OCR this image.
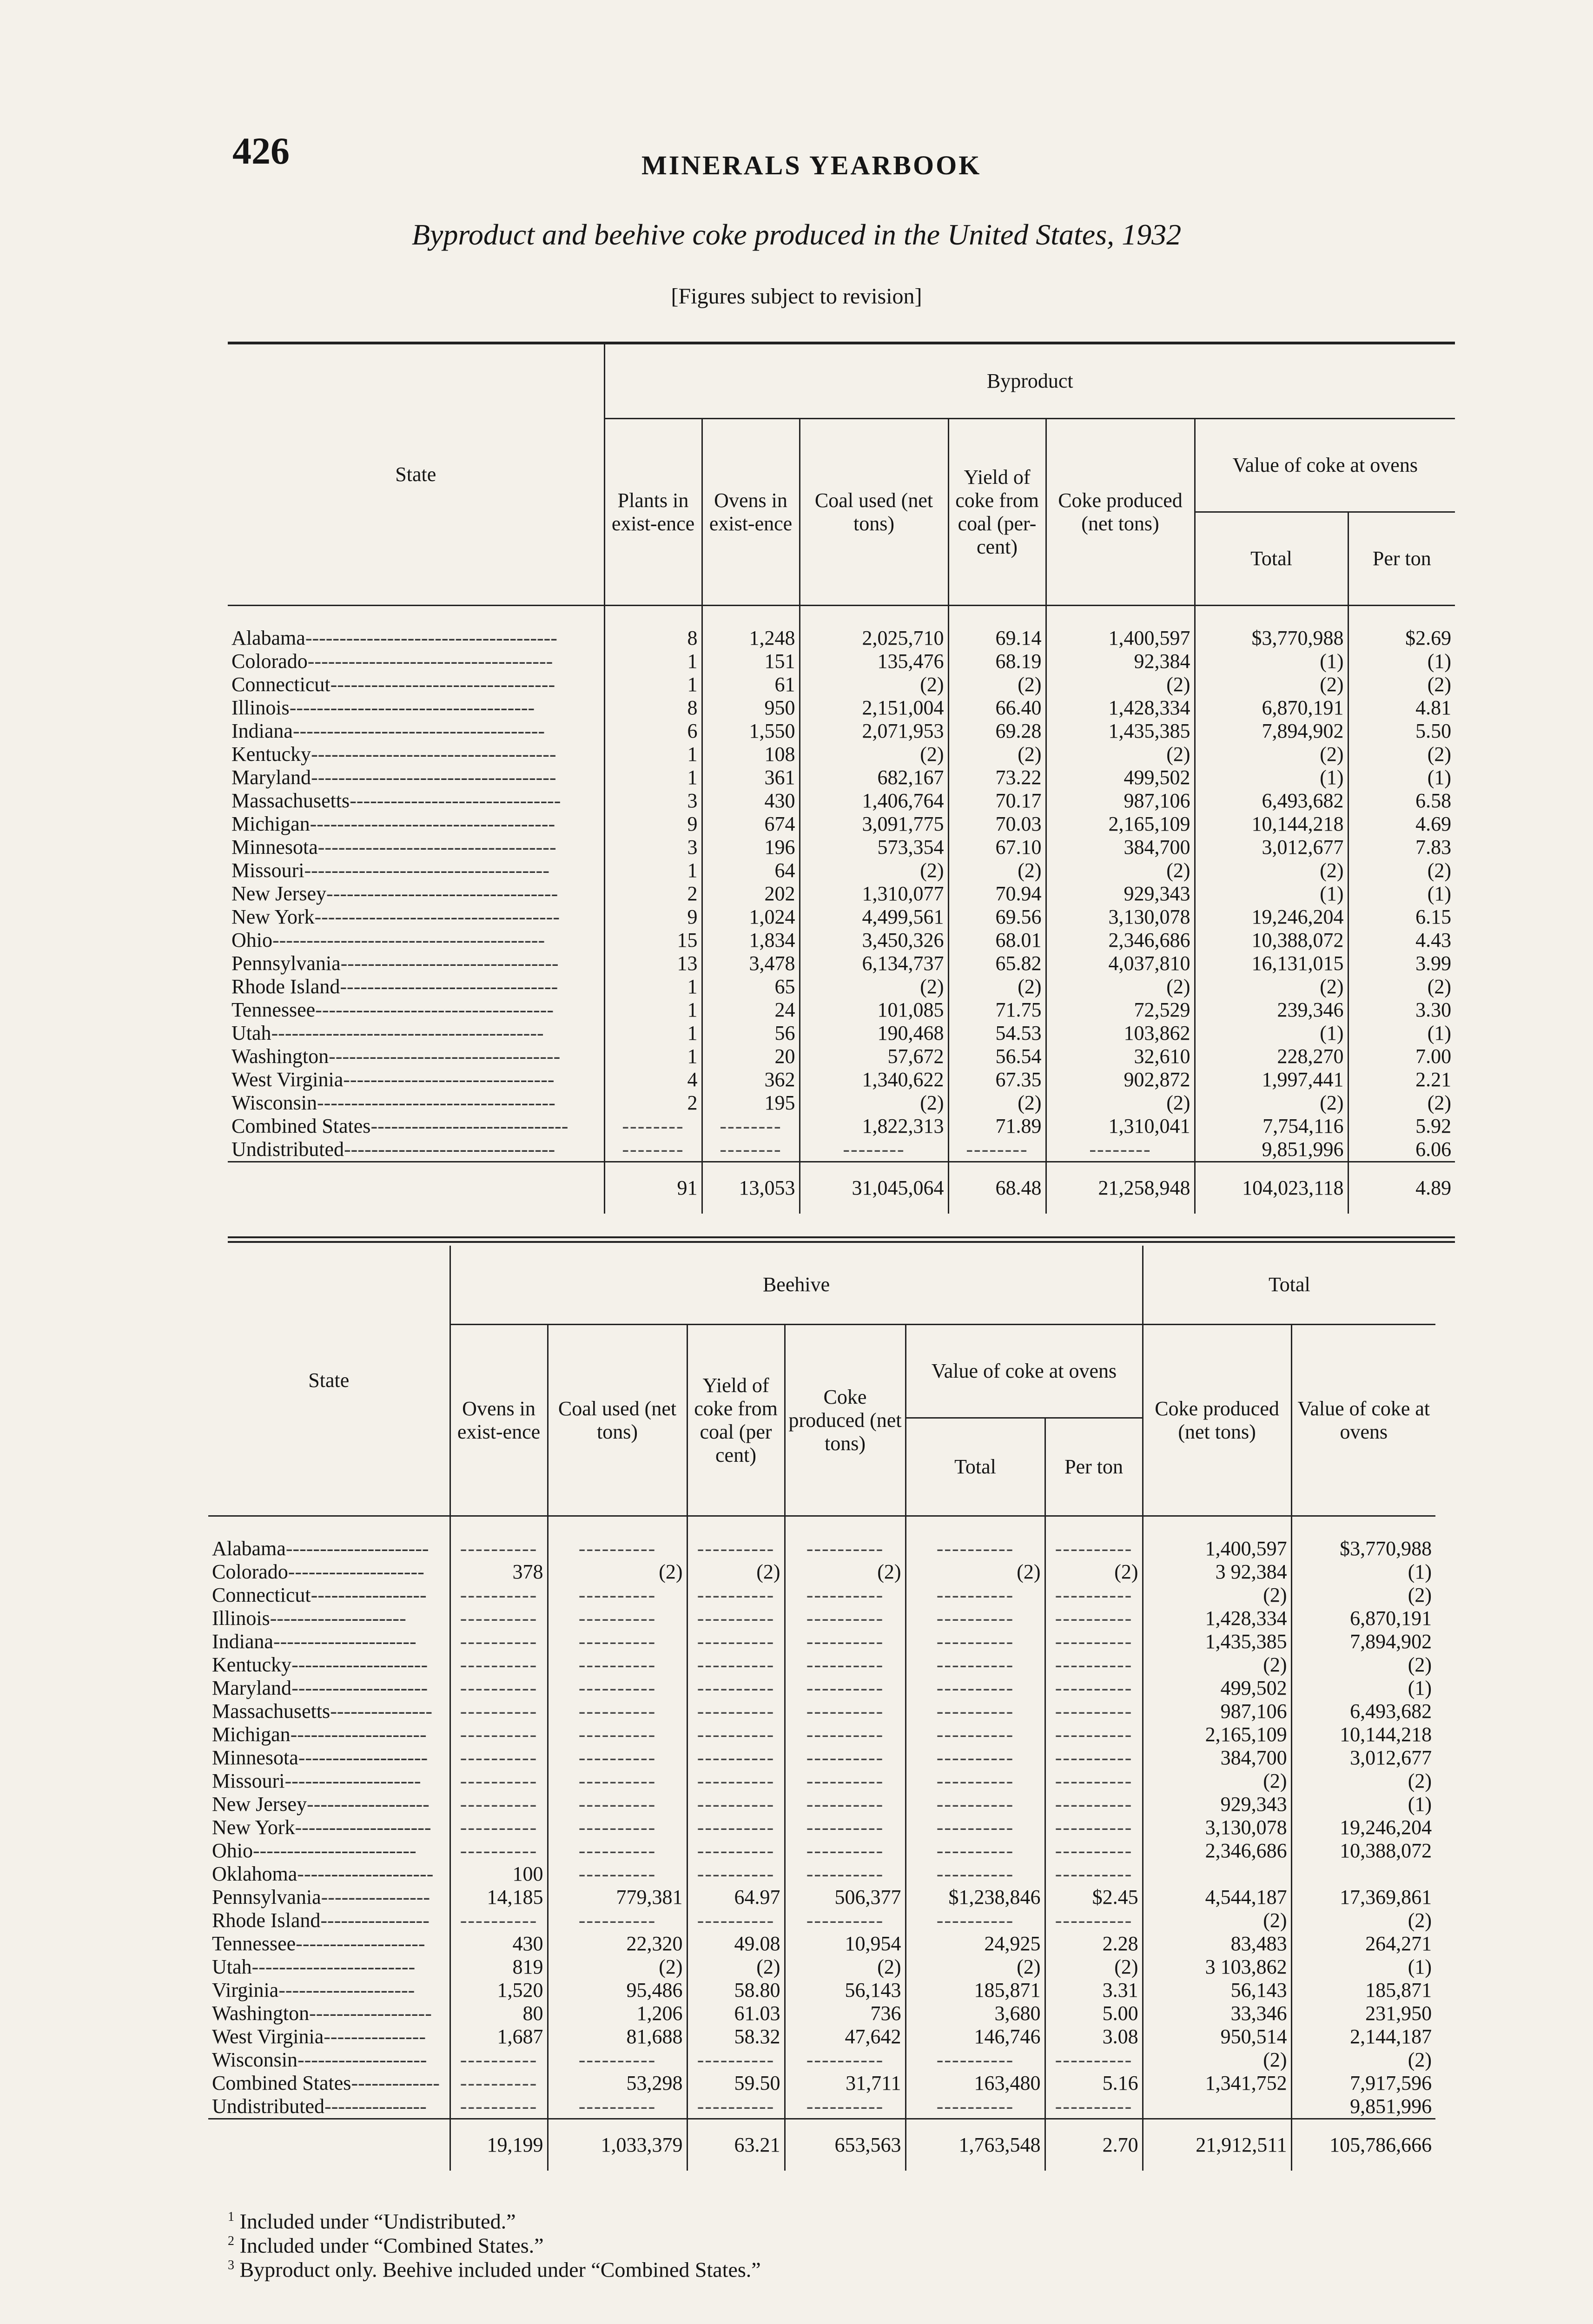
426	MINERALS YEARBOOK
Byproduct and beehive coke produced in the United States, 1932
[Figures subject to revision]
State	Byproduct						
	Plants in exist-ence	Ovens in exist-ence	Coal used (net tons)	Yield of coke from coal (per-cent)	Coke produced (net tons)	Value of coke at ovens	
						Total	Per ton

Alabama-------------------------------------	8	1,248	2,025,710	69.14	1,400,597	$3,770,988	$2.69
Colorado------------------------------------	1	151	135,476	68.19	92,384	(1)	(1)
Connecticut---------------------------------	1	61	(2)	(2)	(2)	(2)	(2)
Illinois------------------------------------	8	950	2,151,004	66.40	1,428,334	6,870,191	4.81
Indiana-------------------------------------	6	1,550	2,071,953	69.28	1,435,385	7,894,902	5.50
Kentucky------------------------------------	1	108	(2)	(2)	(2)	(2)	(2)
Maryland------------------------------------	1	361	682,167	73.22	499,502	(1)	(1)
Massachusetts-------------------------------	3	430	1,406,764	70.17	987,106	6,493,682	6.58
Michigan------------------------------------	9	674	3,091,775	70.03	2,165,109	10,144,218	4.69
Minnesota-----------------------------------	3	196	573,354	67.10	384,700	3,012,677	7.83
Missouri------------------------------------	1	64	(2)	(2)	(2)	(2)	(2)
New Jersey----------------------------------	2	202	1,310,077	70.94	929,343	(1)	(1)
New York------------------------------------	9	1,024	4,499,561	69.56	3,130,078	19,246,204	6.15
Ohio----------------------------------------	15	1,834	3,450,326	68.01	2,346,686	10,388,072	4.43
Pennsylvania--------------------------------	13	3,478	6,134,737	65.82	4,037,810	16,131,015	3.99
Rhode Island--------------------------------	1	65	(2)	(2)	(2)	(2)	(2)
Tennessee-----------------------------------	1	24	101,085	71.75	72,529	239,346	3.30
Utah----------------------------------------	1	56	190,468	54.53	103,862	(1)	(1)
Washington----------------------------------	1	20	57,672	56.54	32,610	228,270	7.00
West Virginia-------------------------------	4	362	1,340,622	67.35	902,872	1,997,441	2.21
Wisconsin-----------------------------------	2	195	(2)	(2)	(2)	(2)	(2)
Combined States-----------------------------	--------	--------	1,822,313	71.89	1,310,041	7,754,116	5.92
Undistributed-------------------------------	--------	--------	--------	--------	--------	9,851,996	6.06
	91	13,053	31,045,064	68.48	21,258,948	104,023,118	4.89
State	Beehive						Total	
	Ovens in exist-ence	Coal used (net tons)	Yield of coke from coal (per cent)	Coke produced (net tons)	Value of coke at ovens		Coke produced (net tons)	Value of coke at ovens
					Total	Per ton		

Alabama---------------------	----------	----------	----------	----------	----------	----------	1,400,597	$3,770,988
Colorado--------------------	378	(2)	(2)	(2)	(2)	(2)	3 92,384	(1)
Connecticut-----------------	----------	----------	----------	----------	----------	----------	(2)	(2)
Illinois--------------------	----------	----------	----------	----------	----------	----------	1,428,334	6,870,191
Indiana---------------------	----------	----------	----------	----------	----------	----------	1,435,385	7,894,902
Kentucky--------------------	----------	----------	----------	----------	----------	----------	(2)	(2)
Maryland--------------------	----------	----------	----------	----------	----------	----------	499,502	(1)
Massachusetts---------------	----------	----------	----------	----------	----------	----------	987,106	6,493,682
Michigan--------------------	----------	----------	----------	----------	----------	----------	2,165,109	10,144,218
Minnesota-------------------	----------	----------	----------	----------	----------	----------	384,700	3,012,677
Missouri--------------------	----------	----------	----------	----------	----------	----------	(2)	(2)
New Jersey------------------	----------	----------	----------	----------	----------	----------	929,343	(1)
New York--------------------	----------	----------	----------	----------	----------	----------	3,130,078	19,246,204
Ohio------------------------	----------	----------	----------	----------	----------	----------	2,346,686	10,388,072
Oklahoma--------------------	100	----------	----------	----------	----------	----------		
Pennsylvania----------------	14,185	779,381	64.97	506,377	$1,238,846	$2.45	4,544,187	17,369,861
Rhode Island----------------	----------	----------	----------	----------	----------	----------	(2)	(2)
Tennessee-------------------	430	22,320	49.08	10,954	24,925	2.28	83,483	264,271
Utah------------------------	819	(2)	(2)	(2)	(2)	(2)	3 103,862	(1)
Virginia--------------------	1,520	95,486	58.80	56,143	185,871	3.31	56,143	185,871
Washington------------------	80	1,206	61.03	736	3,680	5.00	33,346	231,950
West Virginia---------------	1,687	81,688	58.32	47,642	146,746	3.08	950,514	2,144,187
Wisconsin-------------------	----------	----------	----------	----------	----------	----------	(2)	(2)
Combined States-------------	----------	53,298	59.50	31,711	163,480	5.16	1,341,752	7,917,596
Undistributed---------------	----------	----------	----------	----------	----------	----------		9,851,996
	19,199	1,033,379	63.21	653,563	1,763,548	2.70	21,912,511	105,786,666
$^1$ Included under “Undistributed.”
$^2$ Included under “Combined States.”
$^3$ Byproduct only. Beehive included under “Combined States.”
